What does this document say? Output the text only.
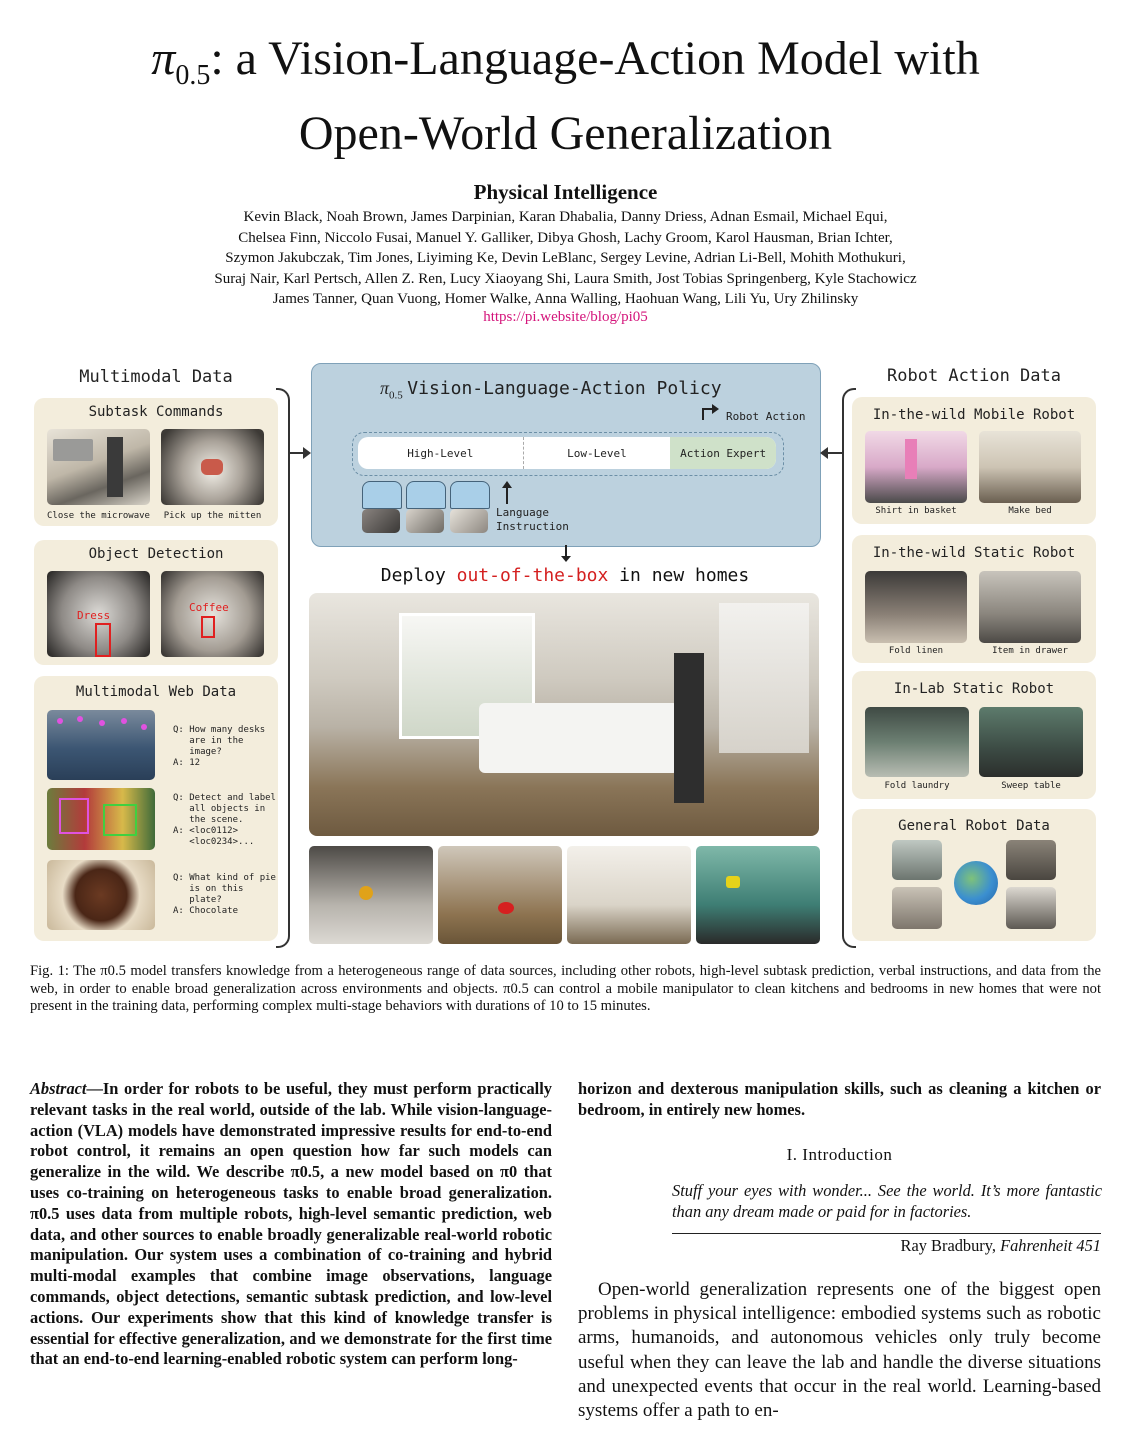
$\pi_{0.5}$: a Vision-Language-Action Model with
Open-World Generalization
Physical Intelligence
Kevin Black, Noah Brown, James Darpinian, Karan Dhabalia, Danny Driess, Adnan Esmail, Michael Equi,
Chelsea Finn, Niccolo Fusai, Manuel Y. Galliker, Dibya Ghosh, Lachy Groom, Karol Hausman, Brian Ichter,
Szymon Jakubczak, Tim Jones, Liyiming Ke, Devin LeBlanc, Sergey Levine, Adrian Li-Bell, Mohith Mothukuri,
Suraj Nair, Karl Pertsch, Allen Z. Ren, Lucy Xiaoyang Shi, Laura Smith, Jost Tobias Springenberg, Kyle Stachowicz
James Tanner, Quan Vuong, Homer Walke, Anna Walling, Haohuan Wang, Lili Yu, Ury Zhilinsky
https://pi.website/blog/pi05
Multimodal Data
Subtask Commands
Close the microwave	Pick up the mitten
Object Detection
Dress
Coffee
Multimodal Web Data
Q: How many desks
are in the
image?
A: 12
Q: Detect and label
all objects in
the scene.
A: <loc0112>
<loc0234>...
Q: What kind of pie
is on this
plate?
A: Chocolate
$\pi_{0.5}$ Vision-Language-Action Policy
Robot Action
High-Level	Low-Level	Action Expert
Language
Instruction
Deploy out-of-the-box in new homes
Robot Action Data
In-the-wild Mobile Robot
Shirt in basket	Make bed
In-the-wild Static Robot
Fold linen	Item in drawer
In-Lab Static Robot
Fold laundry	Sweep table
General Robot Data
Fig. 1: The π0.5 model transfers knowledge from a heterogeneous range of data sources, including other robots, high-level subtask prediction, verbal instructions, and data from the web, in order to enable broad generalization across environments and objects. π0.5 can control a mobile manipulator to clean kitchens and bedrooms in new homes that were not present in the training data, performing complex multi-stage behaviors with durations of 10 to 15 minutes.
Abstract—In order for robots to be useful, they must perform practically relevant tasks in the real world, outside of the lab. While vision-language-action (VLA) models have demonstrated impressive results for end-to-end robot control, it remains an open question how far such models can generalize in the wild. We describe π0.5, a new model based on π0 that uses co-training on heterogeneous tasks to enable broad generalization. π0.5 uses data from multiple robots, high-level semantic prediction, web data, and other sources to enable broadly generalizable real-world robotic manipulation. Our system uses a combination of co-training and hybrid multi-modal examples that combine image observations, language commands, object detections, semantic subtask prediction, and low-level actions. Our experiments show that this kind of knowledge transfer is essential for effective generalization, and we demonstrate for the first time that an end-to-end learning-enabled robotic system can perform long-
horizon and dexterous manipulation skills, such as cleaning a kitchen or bedroom, in entirely new homes.
I. Introduction
Stuff your eyes with wonder... See the world. It’s more fantastic than any dream made or paid for in factories.
Ray Bradbury, Fahrenheit 451
Open-world generalization represents one of the biggest open problems in physical intelligence: embodied systems such as robotic arms, humanoids, and autonomous vehicles only truly become useful when they can leave the lab and handle the diverse situations and unexpected events that occur in the real world. Learning-based systems offer a path to en-
